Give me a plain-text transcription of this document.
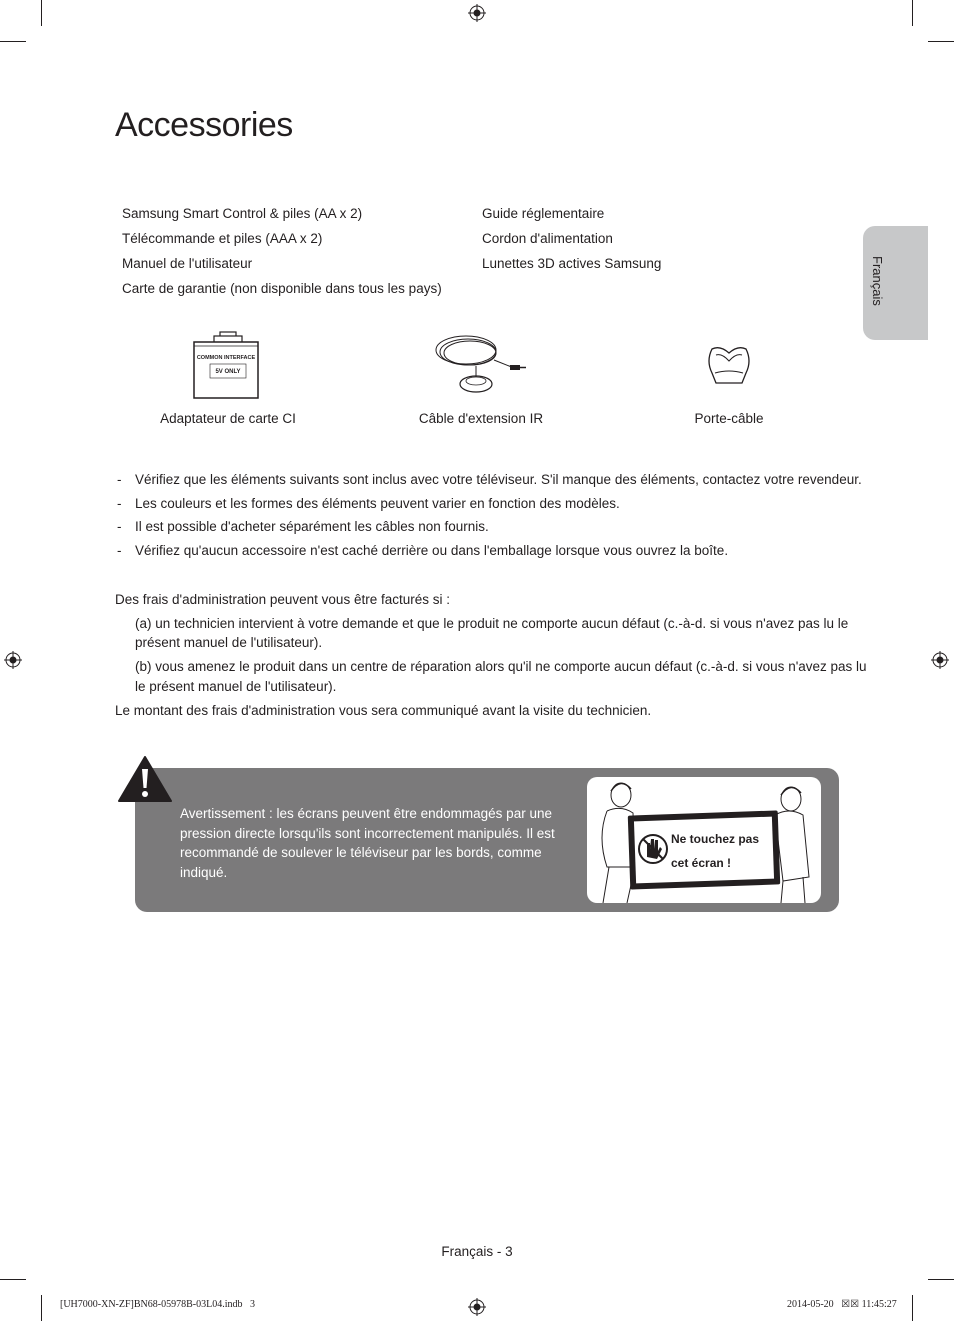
Accessories
Français
Samsung Smart Control & piles (AA x 2)
Télécommande et piles (AAA x 2)
Manuel de l'utilisateur
Carte de garantie (non disponible dans tous les pays)
Guide réglementaire
Cordon d'alimentation
Lunettes 3D actives Samsung
COMMON INTERFACE
5V ONLY
Adaptateur de carte CI	Câble d'extension IR	Porte-câble
- Vérifiez que les éléments suivants sont inclus avec votre téléviseur. S'il manque des éléments, contactez votre revendeur.
- Les couleurs et les formes des éléments peuvent varier en fonction des modèles.
- Il est possible d'acheter séparément les câbles non fournis.
- Vérifiez qu'aucun accessoire n'est caché derrière ou dans l'emballage lorsque vous ouvrez la boîte.
Des frais d'administration peuvent vous être facturés si :
(a) un technicien intervient à votre demande et que le produit ne comporte aucun défaut (c.-à-d. si vous n'avez pas lu le
présent manuel de l'utilisateur).
(b) vous amenez le produit dans un centre de réparation alors qu'il ne comporte aucun défaut (c.-à-d. si vous n'avez pas lu
le présent manuel de l'utilisateur).
Le montant des frais d'administration vous sera communiqué avant la visite du technicien.
Avertissement : les écrans peuvent être endommagés par une pression directe lorsqu'ils sont incorrectement manipulés. Il est recommandé de soulever le téléviseur par les bords, comme indiqué.
Ne touchez pas
cet écran !
Français - 3
[UH7000-XN-ZF]BN68-05978B-03L04.indb   3	2014-05-20   ☒☒ 11:45:27
